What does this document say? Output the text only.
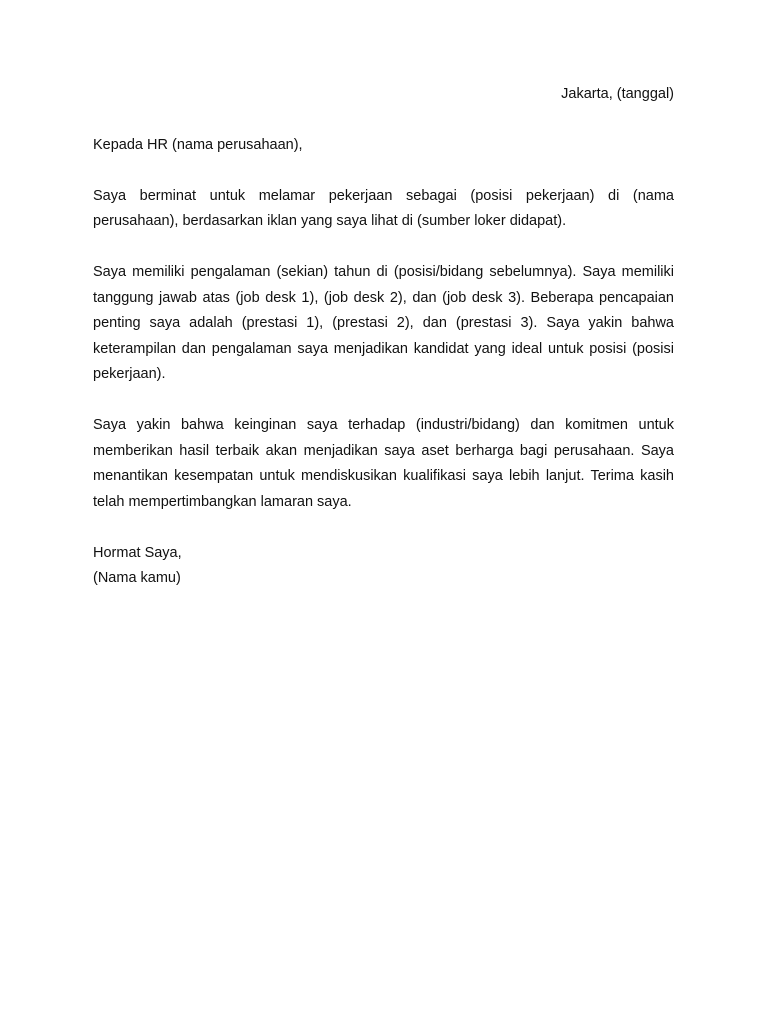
Jakarta, (tanggal)

Kepada HR (nama perusahaan),

Saya berminat untuk melamar pekerjaan sebagai (posisi pekerjaan) di (nama perusahaan), berdasarkan iklan yang saya lihat di (sumber loker didapat).

Saya memiliki pengalaman (sekian) tahun di (posisi/bidang sebelumnya). Saya memiliki tanggung jawab atas (job desk 1), (job desk 2), dan (job desk 3). Beberapa pencapaian penting saya adalah (prestasi 1), (prestasi 2), dan (prestasi 3). Saya yakin bahwa keterampilan dan pengalaman saya menjadikan kandidat yang ideal untuk posisi (posisi pekerjaan).

Saya yakin bahwa keinginan saya terhadap (industri/bidang) dan komitmen untuk memberikan hasil terbaik akan menjadikan saya aset berharga bagi perusahaan. Saya menantikan kesempatan untuk mendiskusikan kualifikasi saya lebih lanjut. Terima kasih telah mempertimbangkan lamaran saya.

Hormat Saya,

(Nama kamu)
